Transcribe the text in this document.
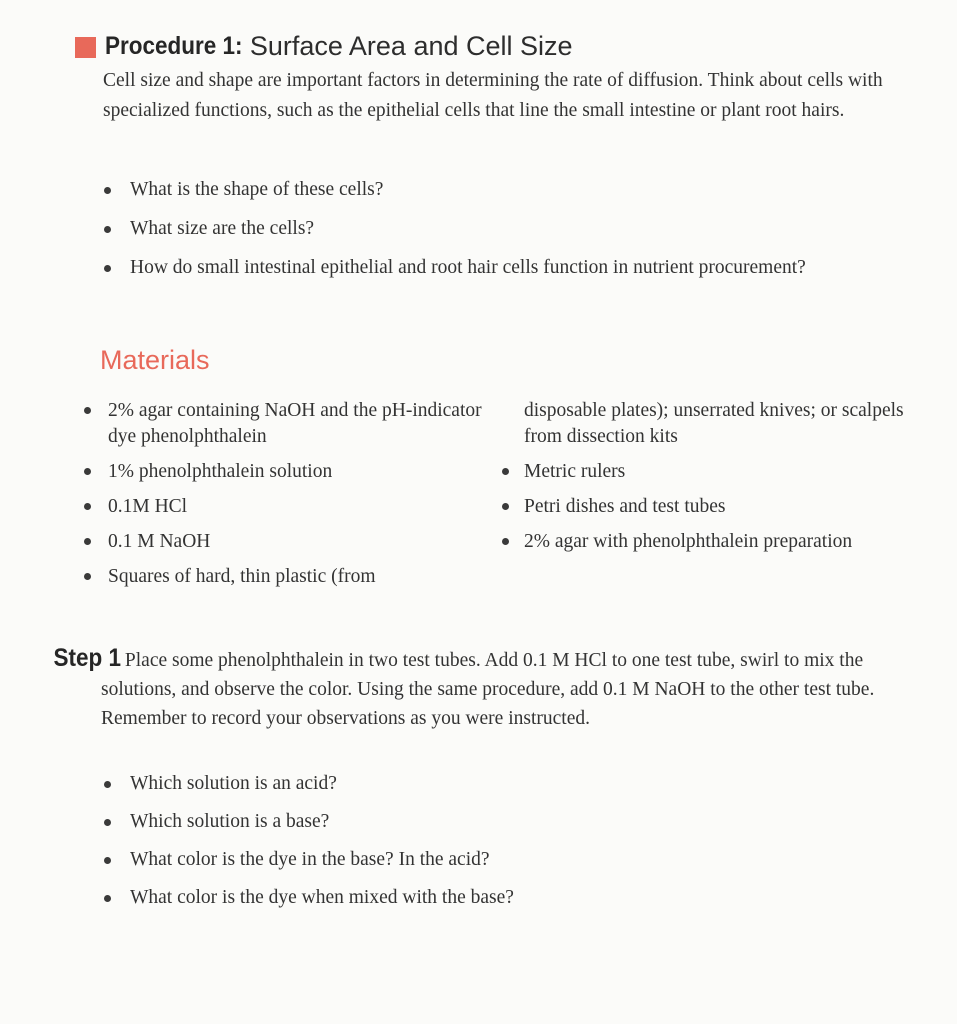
Procedure 1: Surface Area and Cell Size
Cell size and shape are important factors in determining the rate of diffusion. Think about cells with specialized functions, such as the epithelial cells that line the small intestine or plant root hairs.
What is the shape of these cells?
What size are the cells?
How do small intestinal epithelial and root hair cells function in nutrient procurement?
Materials
2% agar containing NaOH and the pH-indicator dye phenolphthalein
1% phenolphthalein solution
0.1M HCl
0.1 M NaOH
Squares of hard, thin plastic (from
disposable plates); unserrated knives; or scalpels from dissection kits
Metric rulers
Petri dishes and test tubes
2% agar with phenolphthalein preparation
Step 1 Place some phenolphthalein in two test tubes. Add 0.1 M HCl to one test tube, swirl to mix the solutions, and observe the color. Using the same procedure, add 0.1 M NaOH to the other test tube. Remember to record your observations as you were instructed.
Which solution is an acid?
Which solution is a base?
What color is the dye in the base? In the acid?
What color is the dye when mixed with the base?
